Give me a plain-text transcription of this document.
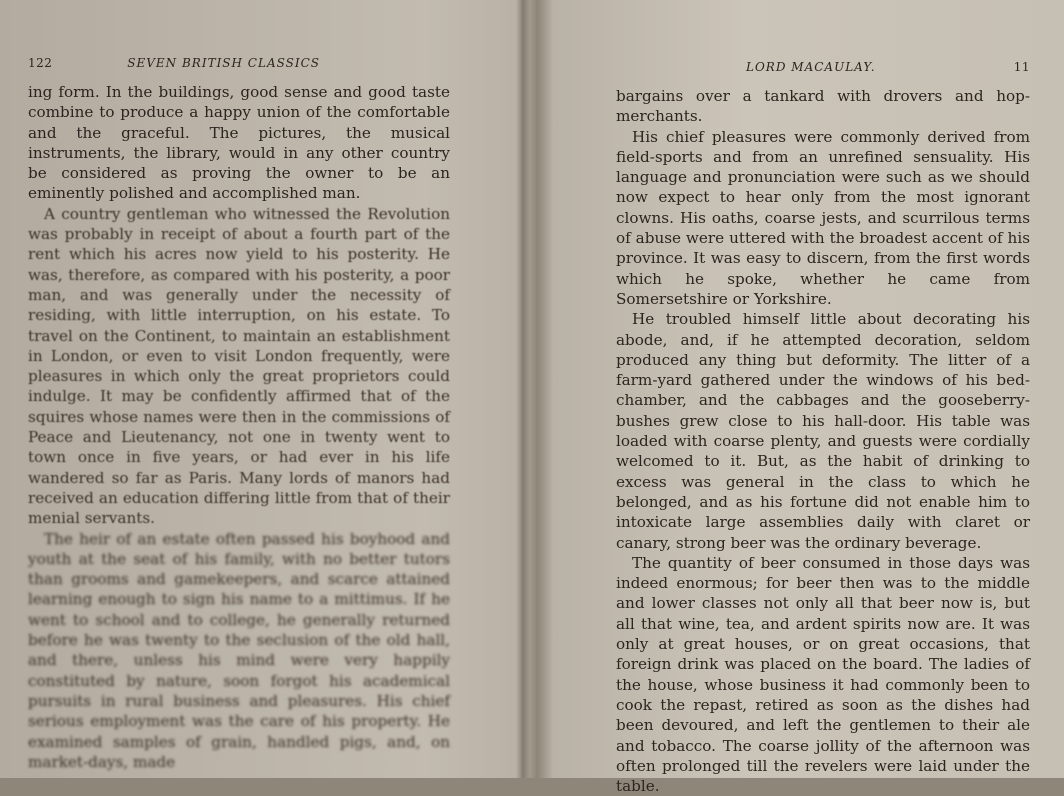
122	SEVEN BRITISH CLASSICS

ing form. In the buildings, good sense and good taste combine to produce a happy union of the comfortable and the graceful. The pictures, the musical instruments, the library, would in any other country be considered as proving the owner to be an eminently polished and accomplished man.

A country gentleman who witnessed the Revolution was probably in receipt of about a fourth part of the rent which his acres now yield to his posterity. He was, therefore, as compared with his posterity, a poor man, and was generally under the necessity of residing, with little interruption, on his estate. To travel on the Continent, to maintain an establishment in London, or even to visit London frequently, were pleasures in which only the great proprietors could indulge. It may be confidently affirmed that of the squires whose names were then in the commissions of Peace and Lieutenancy, not one in twenty went to town once in five years, or had ever in his life wandered so far as Paris. Many lords of manors had received an education differing little from that of their menial servants.

The heir of an estate often passed his boyhood and youth at the seat of his family, with no better tutors than grooms and gamekeepers, and scarce attained learning enough to sign his name to a mittimus. If he went to school and to college, he generally returned before he was twenty to the seclusion of the old hall, and there, unless his mind were very happily constituted by nature, soon forgot his academical pursuits in rural business and pleasures. His chief serious employment was the care of his property. He examined samples of grain, handled pigs, and, on market-days, made

LORD MACAULAY.	11

bargains over a tankard with drovers and hop-merchants.

His chief pleasures were commonly derived from field-sports and from an unrefined sensuality. His language and pronunciation were such as we should now expect to hear only from the most ignorant clowns. His oaths, coarse jests, and scurrilous terms of abuse were uttered with the broadest accent of his province. It was easy to discern, from the first words which he spoke, whether he came from Somersetshire or Yorkshire.

He troubled himself little about decorating his abode, and, if he attempted decoration, seldom produced any thing but deformity. The litter of a farm-yard gathered under the windows of his bed-chamber, and the cabbages and the gooseberry-bushes grew close to his hall-door. His table was loaded with coarse plenty, and guests were cordially welcomed to it. But, as the habit of drinking to excess was general in the class to which he belonged, and as his fortune did not enable him to intoxicate large assemblies daily with claret or canary, strong beer was the ordinary beverage.

The quantity of beer consumed in those days was indeed enormous; for beer then was to the middle and lower classes not only all that beer now is, but all that wine, tea, and ardent spirits now are. It was only at great houses, or on great occasions, that foreign drink was placed on the board. The ladies of the house, whose business it had commonly been to cook the repast, retired as soon as the dishes had been devoured, and left the gentlemen to their ale and tobacco. The coarse jollity of the afternoon was often prolonged till the revelers were laid under the table.
